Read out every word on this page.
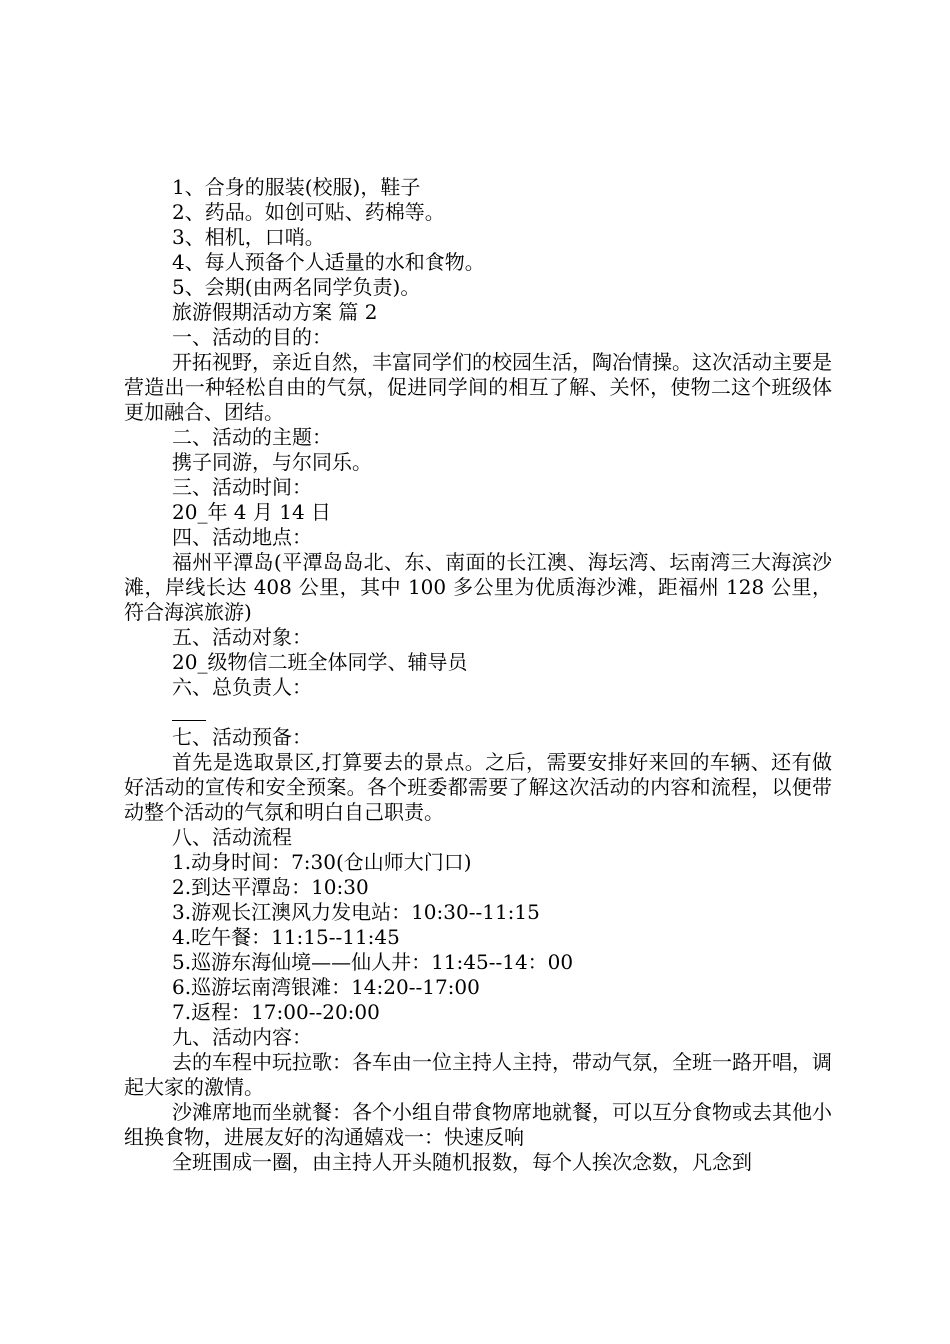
1、合身的服装(校服)，鞋子
2、药品。如创可贴、药棉等。
3、相机，口哨。
4、每人预备个人适量的水和食物。
5、会期(由两名同学负责)。
旅游假期活动方案 篇 2
一、活动的目的：
开拓视野，亲近自然，丰富同学们的校园生活，陶冶情操。这次活动主要是营造出一种轻松自由的气氛，促进同学间的相互了解、关怀，使物二这个班级体更加融合、团结。
二、活动的主题：
携子同游，与尔同乐。
三、活动时间：
20_年 4 月 14 日
四、活动地点：
福州平潭岛(平潭岛岛北、东、南面的长江澳、海坛湾、坛南湾三大海滨沙滩，岸线长达 408 公里，其中 100 多公里为优质海沙滩，距福州 128 公里，符合海滨旅游)
五、活动对象：
20_级物信二班全体同学、辅导员
六、总负责人：
七、活动预备：
首先是选取景区,打算要去的景点。之后，需要安排好来回的车辆、还有做好活动的宣传和安全预案。各个班委都需要了解这次活动的内容和流程，以便带动整个活动的气氛和明白自己职责。
八、活动流程
1.动身时间：7:30(仓山师大门口)
2.到达平潭岛：10:30
3.游观长江澳风力发电站：10:30--11:15
4.吃午餐：11:15--11:45
5.巡游东海仙境——仙人井：11:45--14：00
6.巡游坛南湾银滩：14:20--17:00
7.返程：17:00--20:00
九、活动内容：
去的车程中玩拉歌：各车由一位主持人主持，带动气氛，全班一路开唱，调起大家的激情。
沙滩席地而坐就餐：各个小组自带食物席地就餐，可以互分食物或去其他小组换食物，进展友好的沟通嬉戏一：快速反响
全班围成一圈，由主持人开头随机报数，每个人挨次念数，凡念到
